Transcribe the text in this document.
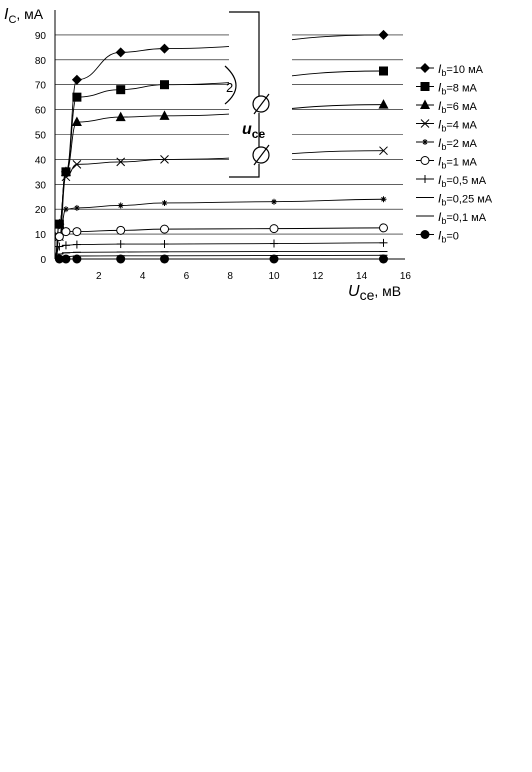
2
$u_{ce}$
2	4	6	8	10	12	14	16
0
10
20
30
40
50
60
70
80
90
$I_C$, мА
Uce, мВ
$I_b=10$ мА
$I_b=8$ мА
$I_b=6$ мА
$I_b=4$ мА
$I_b=2$ мА
$I_b=1$ мА
$I_b=0,5$ мА
$I_b=0,25$ мА
$I_b=0,1$ мА
$I_b=0$
